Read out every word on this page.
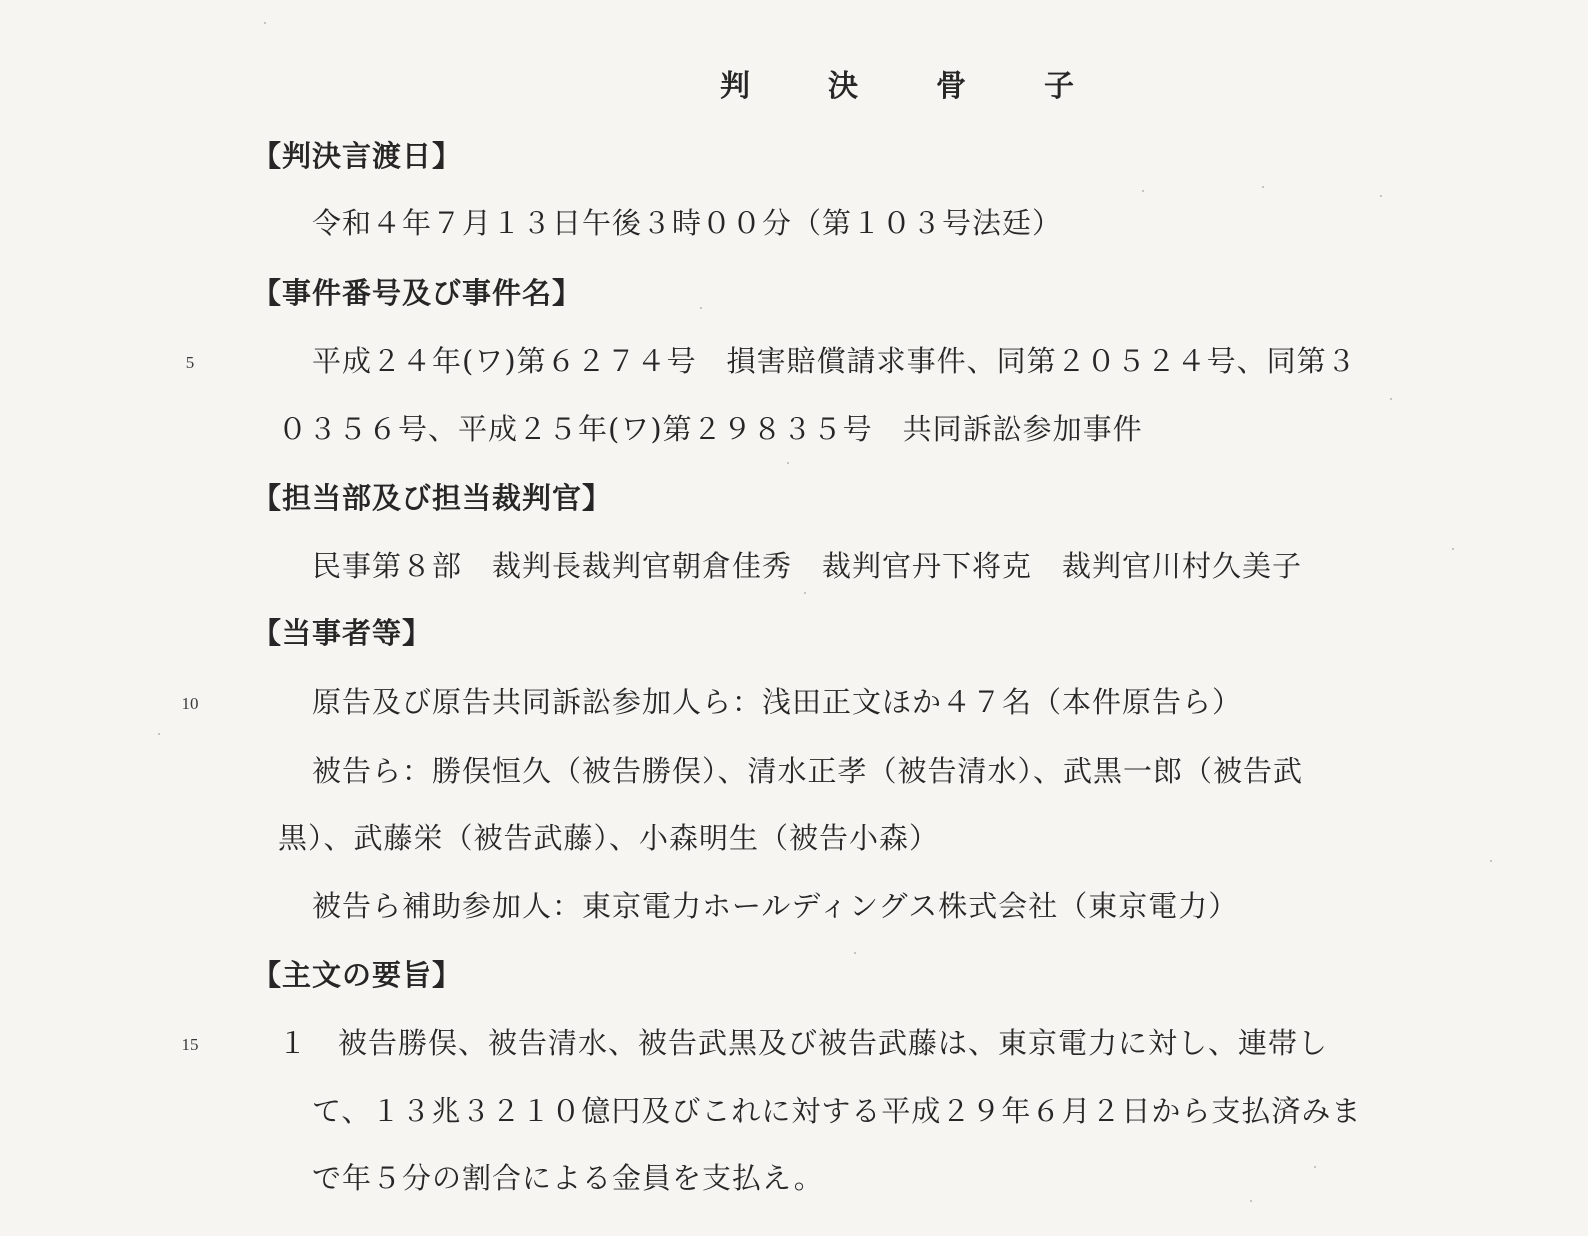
判　決　骨　子
【判決言渡日】
令和４年７月１３日午後３時００分（第１０３号法廷）
【事件番号及び事件名】
5	平成２４年(ワ)第６２７４号　損害賠償請求事件、同第２０５２４号、同第３
０３５６号、平成２５年(ワ)第２９８３５号　共同訴訟参加事件
【担当部及び担当裁判官】
民事第８部　裁判長裁判官朝倉佳秀　裁判官丹下将克　裁判官川村久美子
【当事者等】
10	原告及び原告共同訴訟参加人ら：浅田正文ほか４７名（本件原告ら）
被告ら：勝俣恒久（被告勝俣）、清水正孝（被告清水）、武黒一郎（被告武
黒）、武藤栄（被告武藤）、小森明生（被告小森）
被告ら補助参加人：東京電力ホールディングス株式会社（東京電力）
【主文の要旨】
15	１　被告勝俣、被告清水、被告武黒及び被告武藤は、東京電力に対し、連帯し
て、１３兆３２１０億円及びこれに対する平成２９年６月２日から支払済みま
で年５分の割合による金員を支払え。
